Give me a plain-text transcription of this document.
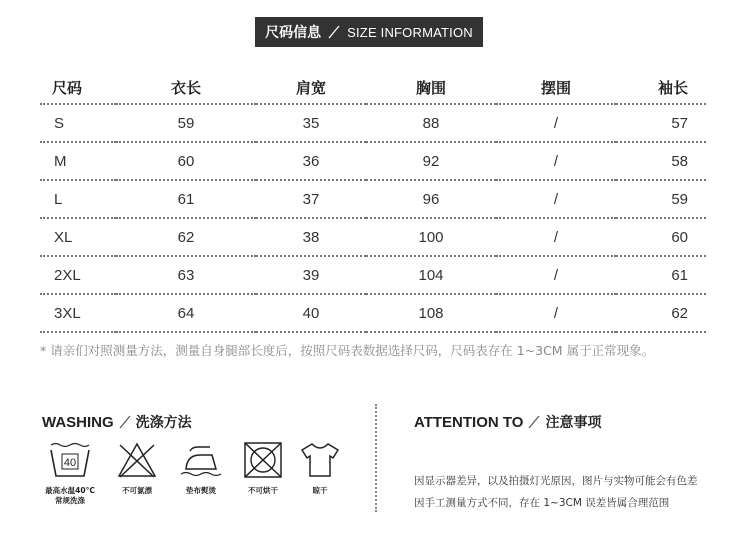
尺码信息 SIZE INFORMATION
尺码	衣长	肩宽	胸围	摆围	袖长
S	59	35	88	/	57
M	60	36	92	/	58
L	61	37	96	/	59
XL	62	38	100	/	60
2XL	63	39	104	/	61
3XL	64	40	108	/	62
* 请亲们对照测量方法，测量自身腿部长度后，按照尺码表数据选择尺码，尺码表存在 1~3CM 属于正常现象。
WASHING 洗涤方法
40
最高水温40°C
常规洗涤
不可氯漂	垫布熨烫	不可烘干	晾干
ATTENTION TO 注意事项
因显示器差异，以及拍摄灯光原因，图片与实物可能会有色差
因手工测量方式不同，存在 1~3CM 误差皆属合理范围
